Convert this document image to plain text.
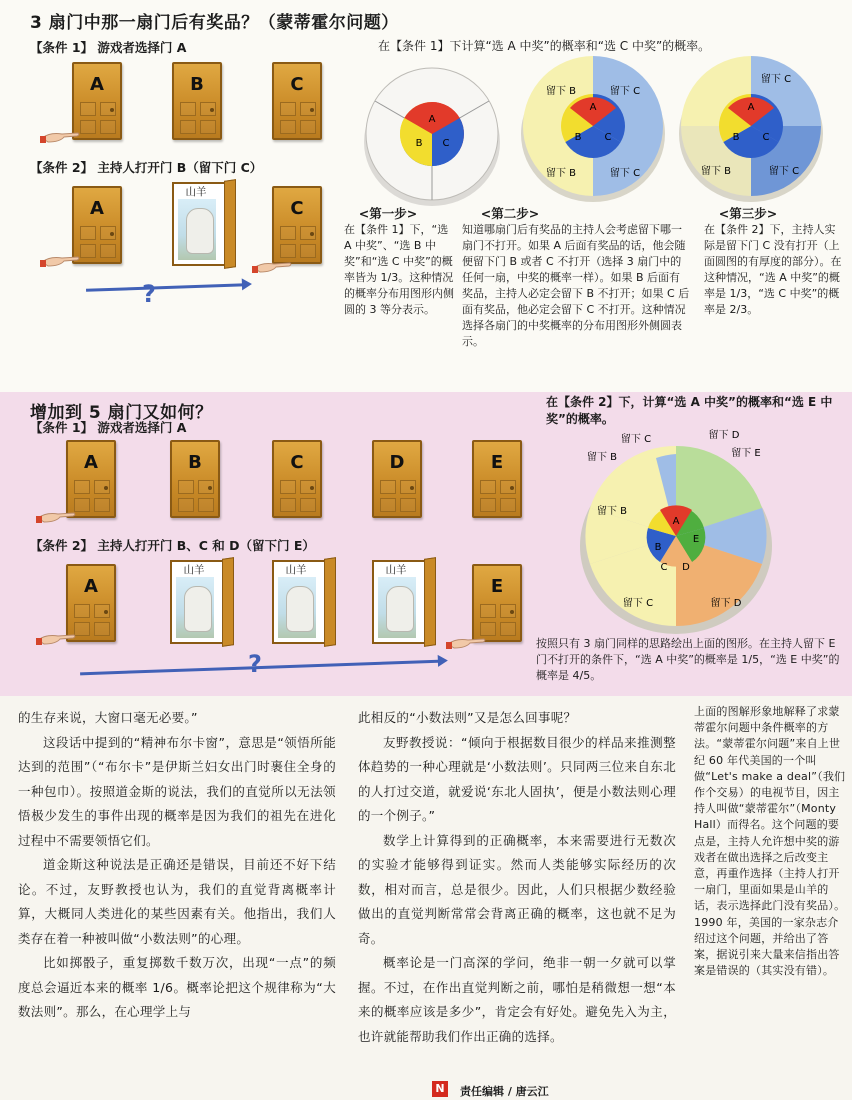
3 扇门中那一扇门后有奖品？（蒙蒂霍尔问题）
【条件 1】 游戏者选择门 A
A	B	C
【条件 2】 主持人打开门 B（留下门 C）
A
山羊
C
?
在【条件 1】下计算“选 A 中奖”的概率和“选 C 中奖”的概率。
A
B C
留下 B	留下 C
留下 B	留下 C
A
B C
留下 C
留下 C
留下 B
A
B C
<第一步>
在【条件 1】下，“选 A 中奖”、“选 B 中奖”和“选 C 中奖”的概率皆为 1/3。这种情况的概率分布用图形内侧圆的 3 等分表示。
<第二步>
知道哪扇门后有奖品的主持人会考虑留下哪一扇门不打开。如果 A 后面有奖品的话，他会随便留下门 B 或者 C 不打开（选择 3 扇门中的任何一扇，中奖的概率一样）。如果 B 后面有奖品，主持人必定会留下 B 不打开；如果 C 后面有奖品，他必定会留下 C 不打开。这种情况选择各扇门的中奖概率的分布用图形外侧圆表示。
<第三步>
在【条件 2】下，主持人实际是留下门 C 没有打开（上面圆图的有厚度的部分）。在这种情况，“选 A 中奖”的概率是 1/3，“选 C 中奖”的概率是 2/3。
增加到 5 扇门又如何？
【条件 1】 游戏者选择门 A
A	B	C	D	E
【条件 2】 主持人打开门 B、C 和 D（留下门 E）
A
山羊	山羊	山羊
E
?
在【条件 2】下，计算“选 A 中奖”的概率和“选 E 中奖”的概率。
留下 B
留下 C	留下 D
留下 E
留下 B
留下 C	留下 D
A
B
C D
E
按照只有 3 扇门同样的思路绘出上面的图形。在主持人留下 E 门不打开的条件下，“选 A 中奖”的概率是 1/5，“选 E 中奖”的概率是 4/5。
的生存来说，大窗口毫无必要。”

这段话中提到的“精神布尔卡窗”，意思是“领悟所能达到的范围”（“布尔卡”是伊斯兰妇女出门时裹住全身的一种包巾）。按照道金斯的说法，我们的直觉所以无法领悟极少发生的事件出现的概率是因为我们的祖先在进化过程中不需要领悟它们。

道金斯这种说法是正确还是错误，目前还不好下结论。不过，友野教授也认为，我们的直觉背离概率计算，大概同人类进化的某些因素有关。他指出，我们人类存在着一种被叫做“小数法则”的心理。

比如掷骰子，重复掷数千数万次，出现“一点”的频度总会逼近本来的概率 1/6。概率论把这个规律称为“大数法则”。那么，在心理学上与

此相反的“小数法则”又是怎么回事呢？

友野教授说：“倾向于根据数目很少的样品来推测整体趋势的一种心理就是‘小数法则’。只同两三位来自东北的人打过交道，就爱说‘东北人固执’，便是小数法则心理的一个例子。”

数学上计算得到的正确概率，本来需要进行无数次的实验才能够得到证实。然而人类能够实际经历的次数，相对而言，总是很少。因此，人们只根据少数经验做出的直觉判断常常会背离正确的概率，这也就不足为奇。

概率论是一门高深的学问，绝非一朝一夕就可以掌握。不过，在作出直觉判断之前，哪怕是稍微想一想“本来的概率应该是多少”，肯定会有好处。避免先入为主，也许就能帮助我们作出正确的选择。

N	责任编辑 / 唐云江
上面的图解形象地解释了求蒙蒂霍尔问题中条件概率的方法。“蒙蒂霍尔问题”来自上世纪 60 年代美国的一个叫做“Let's make a deal”（我们作个交易）的电视节目，因主持人叫做“蒙蒂霍尔”（Monty Hall）而得名。这个问题的要点是，主持人允许想中奖的游戏者在做出选择之后改变主意，再重作选择（主持人打开一扇门，里面如果是山羊的话，表示选择此门没有奖品）。1990 年，美国的一家杂志介绍过这个问题，并给出了答案，据说引来大量来信指出答案是错误的（其实没有错）。
